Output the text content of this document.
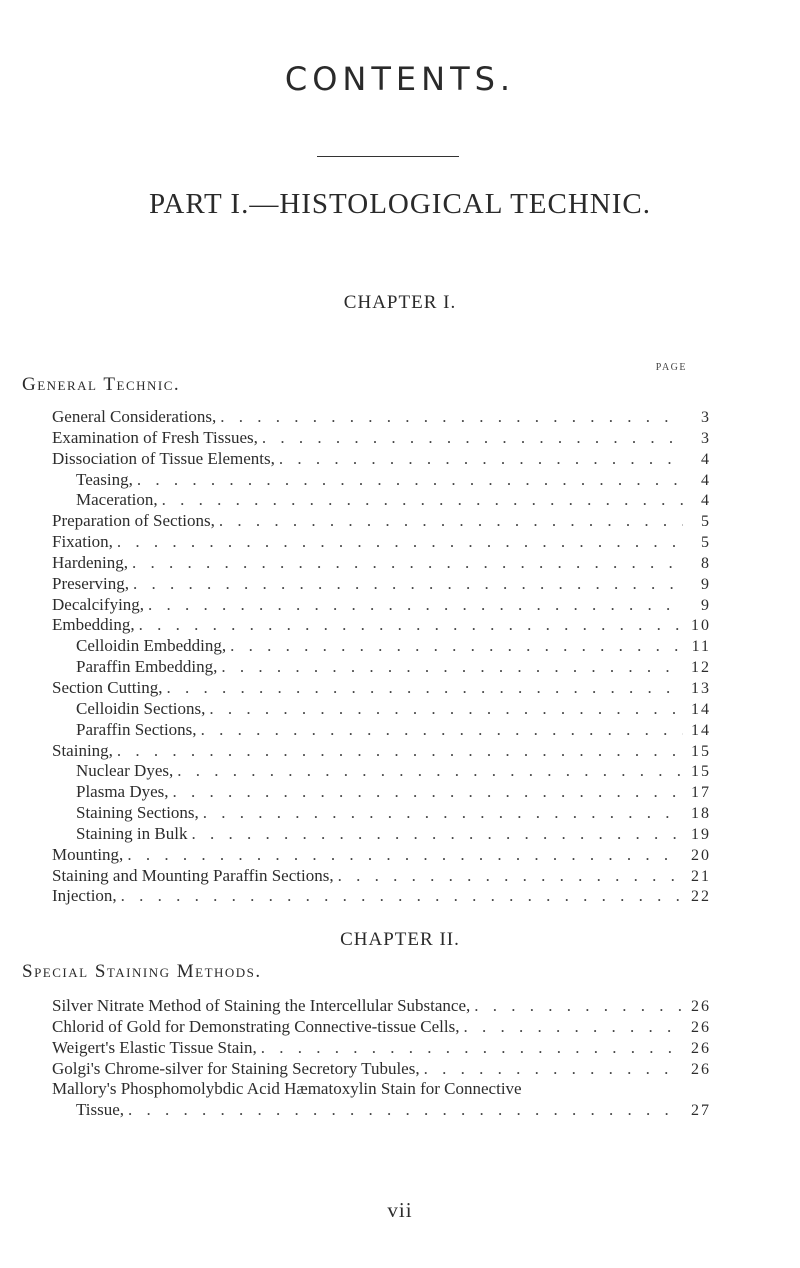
CONTENTS.
PART I.—HISTOLOGICAL TECHNIC.
CHAPTER I.
PAGE
General Technic.
General Considerations, . . .	3
Examination of Fresh Tissues, . . .	3
Dissociation of Tissue Elements, . . .	4
Teasing, . . .	4
Maceration, . . .	4
Preparation of Sections, . . .	5
Fixation, . . .	5
Hardening, . . .	8
Preserving, . . .	9
Decalcifying, . . .	9
Embedding, . . .	10
Celloidin Embedding, . . .	11
Paraffin Embedding, . . .	12
Section Cutting, . . .	13
Celloidin Sections, . . .	14
Paraffin Sections, . . .	14
Staining, . . .	15
Nuclear Dyes, . . .	15
Plasma Dyes, . . .	17
Staining Sections, . . .	18
Staining in Bulk . . .	19
Mounting, . . .	20
Staining and Mounting Paraffin Sections, . . .	21
Injection, . . .	22
CHAPTER II.
Special Staining Methods.
Silver Nitrate Method of Staining the Intercellular Substance, . . .	26
Chlorid of Gold for Demonstrating Connective-tissue Cells, . . .	26
Weigert's Elastic Tissue Stain, . . .	26
Golgi's Chrome-silver for Staining Secretory Tubules, . . .	26
Mallory's Phosphomolybdic Acid Hæmatoxylin Stain for Connective
Tissue, . . .	27
vii
